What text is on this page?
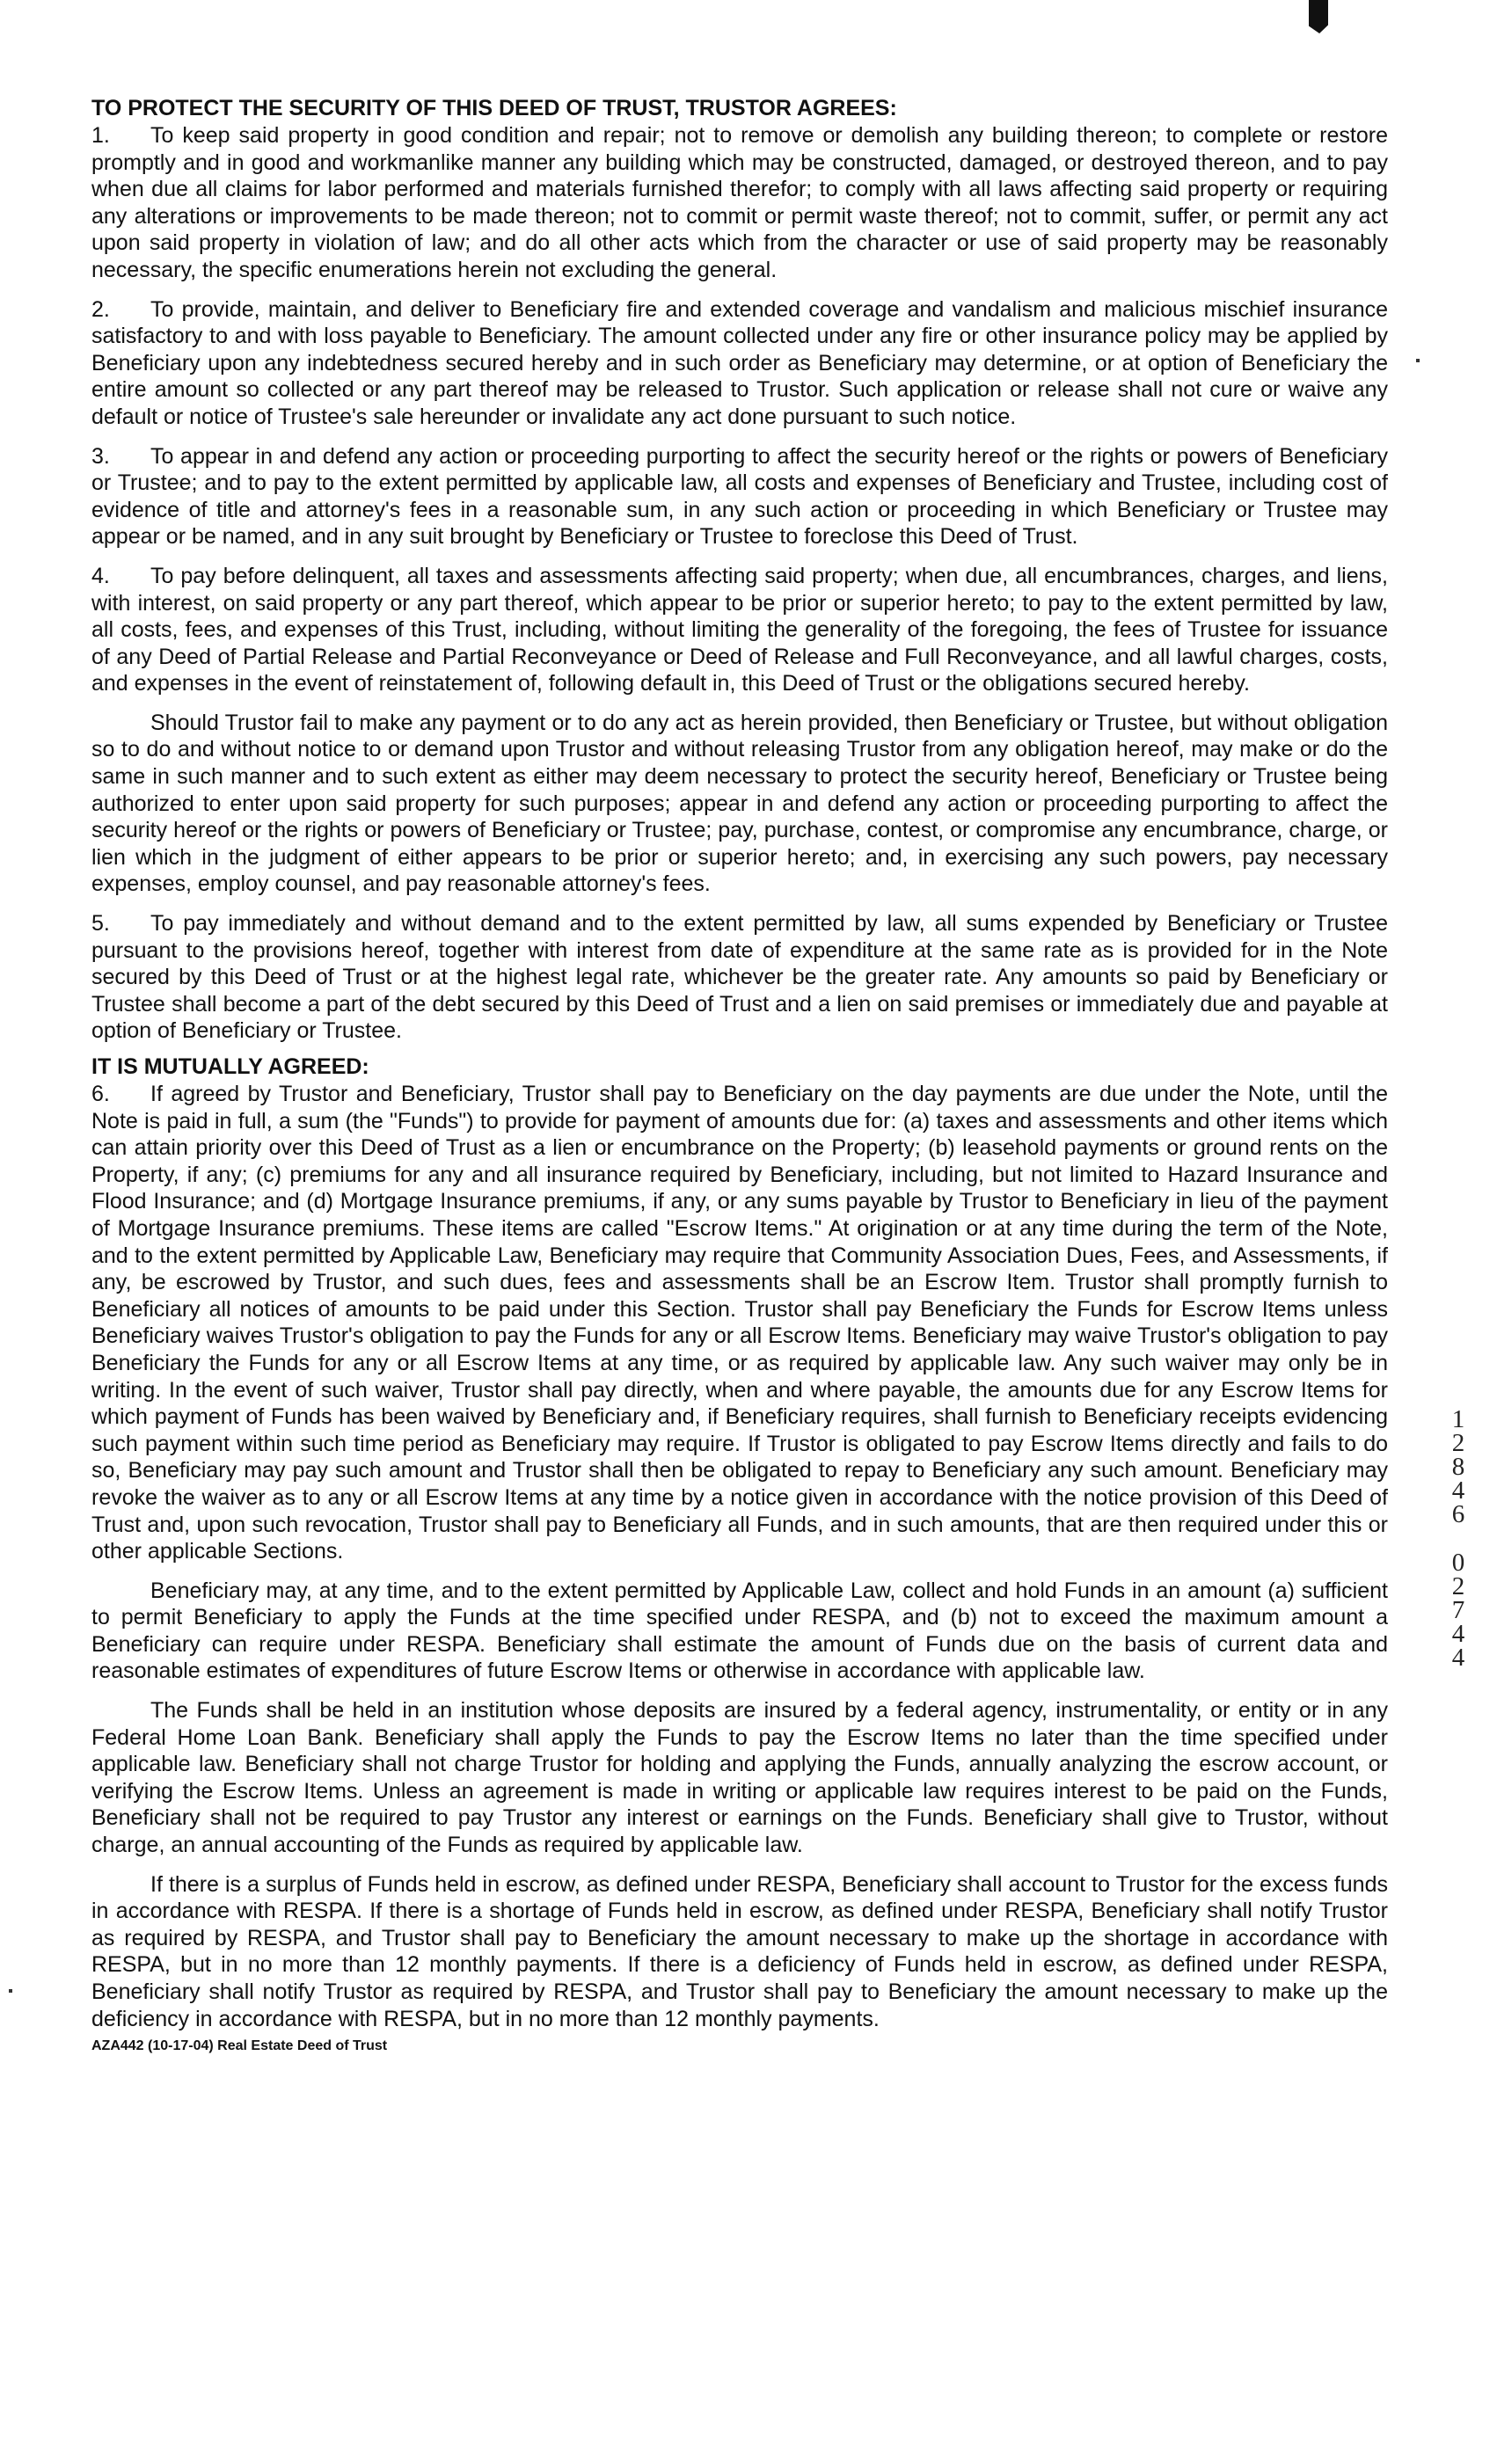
TO PROTECT THE SECURITY OF THIS DEED OF TRUST, TRUSTOR AGREES:

1. To keep said property in good condition and repair; not to remove or demolish any building thereon; to complete or restore promptly and in good and workmanlike manner any building which may be constructed, damaged, or destroyed thereon, and to pay when due all claims for labor performed and materials furnished therefor; to comply with all laws affecting said property or requiring any alterations or improvements to be made thereon; not to commit or permit waste thereof; not to commit, suffer, or permit any act upon said property in violation of law; and do all other acts which from the character or use of said property may be reasonably necessary, the specific enumerations herein not excluding the general.

2. To provide, maintain, and deliver to Beneficiary fire and extended coverage and vandalism and malicious mischief insurance satisfactory to and with loss payable to Beneficiary. The amount collected under any fire or other insurance policy may be applied by Beneficiary upon any indebtedness secured hereby and in such order as Beneficiary may determine, or at option of Beneficiary the entire amount so collected or any part thereof may be released to Trustor. Such application or release shall not cure or waive any default or notice of Trustee's sale hereunder or invalidate any act done pursuant to such notice.

3. To appear in and defend any action or proceeding purporting to affect the security hereof or the rights or powers of Beneficiary or Trustee; and to pay to the extent permitted by applicable law, all costs and expenses of Beneficiary and Trustee, including cost of evidence of title and attorney's fees in a reasonable sum, in any such action or proceeding in which Beneficiary or Trustee may appear or be named, and in any suit brought by Beneficiary or Trustee to foreclose this Deed of Trust.

4. To pay before delinquent, all taxes and assessments affecting said property; when due, all encumbrances, charges, and liens, with interest, on said property or any part thereof, which appear to be prior or superior hereto; to pay to the extent permitted by law, all costs, fees, and expenses of this Trust, including, without limiting the generality of the foregoing, the fees of Trustee for issuance of any Deed of Partial Release and Partial Reconveyance or Deed of Release and Full Reconveyance, and all lawful charges, costs, and expenses in the event of reinstatement of, following default in, this Deed of Trust or the obligations secured hereby.

Should Trustor fail to make any payment or to do any act as herein provided, then Beneficiary or Trustee, but without obligation so to do and without notice to or demand upon Trustor and without releasing Trustor from any obligation hereof, may make or do the same in such manner and to such extent as either may deem necessary to protect the security hereof, Beneficiary or Trustee being authorized to enter upon said property for such purposes; appear in and defend any action or proceeding purporting to affect the security hereof or the rights or powers of Beneficiary or Trustee; pay, purchase, contest, or compromise any encumbrance, charge, or lien which in the judgment of either appears to be prior or superior hereto; and, in exercising any such powers, pay necessary expenses, employ counsel, and pay reasonable attorney's fees.

5. To pay immediately and without demand and to the extent permitted by law, all sums expended by Beneficiary or Trustee pursuant to the provisions hereof, together with interest from date of expenditure at the same rate as is provided for in the Note secured by this Deed of Trust or at the highest legal rate, whichever be the greater rate. Any amounts so paid by Beneficiary or Trustee shall become a part of the debt secured by this Deed of Trust and a lien on said premises or immediately due and payable at option of Beneficiary or Trustee.

IT IS MUTUALLY AGREED:

6. If agreed by Trustor and Beneficiary, Trustor shall pay to Beneficiary on the day payments are due under the Note, until the Note is paid in full, a sum (the "Funds") to provide for payment of amounts due for: (a) taxes and assessments and other items which can attain priority over this Deed of Trust as a lien or encumbrance on the Property; (b) leasehold payments or ground rents on the Property, if any; (c) premiums for any and all insurance required by Beneficiary, including, but not limited to Hazard Insurance and Flood Insurance; and (d) Mortgage Insurance premiums, if any, or any sums payable by Trustor to Beneficiary in lieu of the payment of Mortgage Insurance premiums. These items are called "Escrow Items." At origination or at any time during the term of the Note, and to the extent permitted by Applicable Law, Beneficiary may require that Community Association Dues, Fees, and Assessments, if any, be escrowed by Trustor, and such dues, fees and assessments shall be an Escrow Item. Trustor shall promptly furnish to Beneficiary all notices of amounts to be paid under this Section. Trustor shall pay Beneficiary the Funds for Escrow Items unless Beneficiary waives Trustor's obligation to pay the Funds for any or all Escrow Items. Beneficiary may waive Trustor's obligation to pay Beneficiary the Funds for any or all Escrow Items at any time, or as required by applicable law. Any such waiver may only be in writing. In the event of such waiver, Trustor shall pay directly, when and where payable, the amounts due for any Escrow Items for which payment of Funds has been waived by Beneficiary and, if Beneficiary requires, shall furnish to Beneficiary receipts evidencing such payment within such time period as Beneficiary may require. If Trustor is obligated to pay Escrow Items directly and fails to do so, Beneficiary may pay such amount and Trustor shall then be obligated to repay to Beneficiary any such amount. Beneficiary may revoke the waiver as to any or all Escrow Items at any time by a notice given in accordance with the notice provision of this Deed of Trust and, upon such revocation, Trustor shall pay to Beneficiary all Funds, and in such amounts, that are then required under this or other applicable Sections.

Beneficiary may, at any time, and to the extent permitted by Applicable Law, collect and hold Funds in an amount (a) sufficient to permit Beneficiary to apply the Funds at the time specified under RESPA, and (b) not to exceed the maximum amount a Beneficiary can require under RESPA. Beneficiary shall estimate the amount of Funds due on the basis of current data and reasonable estimates of expenditures of future Escrow Items or otherwise in accordance with applicable law.

The Funds shall be held in an institution whose deposits are insured by a federal agency, instrumentality, or entity or in any Federal Home Loan Bank. Beneficiary shall apply the Funds to pay the Escrow Items no later than the time specified under applicable law. Beneficiary shall not charge Trustor for holding and applying the Funds, annually analyzing the escrow account, or verifying the Escrow Items. Unless an agreement is made in writing or applicable law requires interest to be paid on the Funds, Beneficiary shall not be required to pay Trustor any interest or earnings on the Funds. Beneficiary shall give to Trustor, without charge, an annual accounting of the Funds as required by applicable law.

If there is a surplus of Funds held in escrow, as defined under RESPA, Beneficiary shall account to Trustor for the excess funds in accordance with RESPA. If there is a shortage of Funds held in escrow, as defined under RESPA, Beneficiary shall notify Trustor as required by RESPA, and Trustor shall pay to Beneficiary the amount necessary to make up the shortage in accordance with RESPA, but in no more than 12 monthly payments. If there is a deficiency of Funds held in escrow, as defined under RESPA, Beneficiary shall notify Trustor as required by RESPA, and Trustor shall pay to Beneficiary the amount necessary to make up the deficiency in accordance with RESPA, but in no more than 12 monthly payments.

AZA442 (10-17-04) Real Estate Deed of Trust
1
2
8
4
6
0
2
7
4
4
